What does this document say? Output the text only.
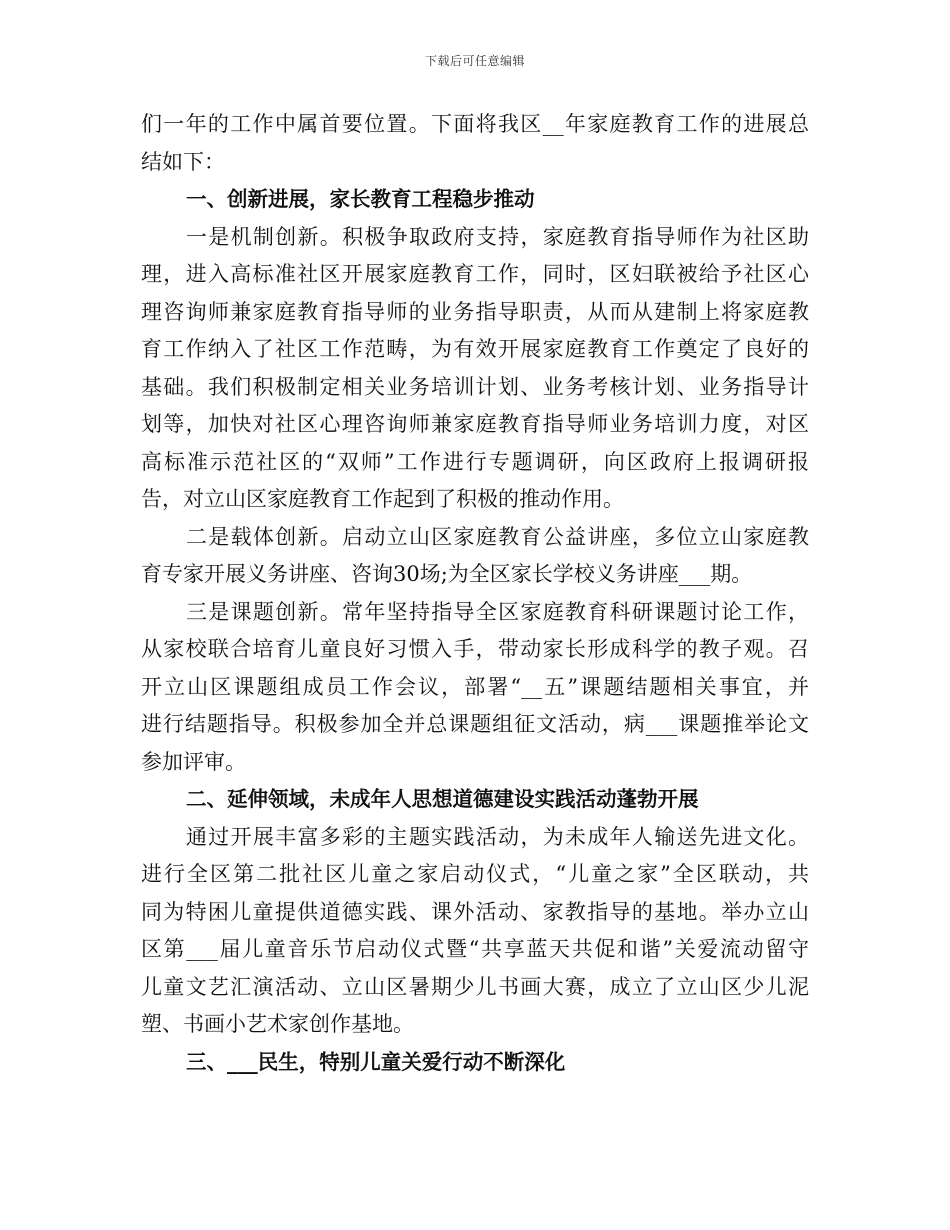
下载后可任意编辑
们一年的工作中属首要位置。下面将我区__年家庭教育工作的进展总
结如下：
一、创新进展，家长教育工程稳步推动
一是机制创新。积极争取政府支持，家庭教育指导师作为社区助
理，进入高标准社区开展家庭教育工作，同时，区妇联被给予社区心
理咨询师兼家庭教育指导师的业务指导职责，从而从建制上将家庭教
育工作纳入了社区工作范畴，为有效开展家庭教育工作奠定了良好的
基础。我们积极制定相关业务培训计划、业务考核计划、业务指导计
划等，加快对社区心理咨询师兼家庭教育指导师业务培训力度，对区
高标准示范社区的“双师”工作进行专题调研，向区政府上报调研报
告，对立山区家庭教育工作起到了积极的推动作用。
二是载体创新。启动立山区家庭教育公益讲座，多位立山家庭教
育专家开展义务讲座、咨询30场;为全区家长学校义务讲座___期。
三是课题创新。常年坚持指导全区家庭教育科研课题讨论工作，
从家校联合培育儿童良好习惯入手，带动家长形成科学的教子观。召
开立山区课题组成员工作会议，部署“__五”课题结题相关事宜，并
进行结题指导。积极参加全并总课题组征文活动，病___课题推举论文
参加评审。
二、延伸领域，未成年人思想道德建设实践活动蓬勃开展
通过开展丰富多彩的主题实践活动，为未成年人输送先进文化。
进行全区第二批社区儿童之家启动仪式，“儿童之家”全区联动，共
同为特困儿童提供道德实践、课外活动、家教指导的基地。举办立山
区第___届儿童音乐节启动仪式暨“共享蓝天共促和谐”关爱流动留守
儿童文艺汇演活动、立山区暑期少儿书画大赛，成立了立山区少儿泥
塑、书画小艺术家创作基地。
三、___民生，特别儿童关爱行动不断深化
